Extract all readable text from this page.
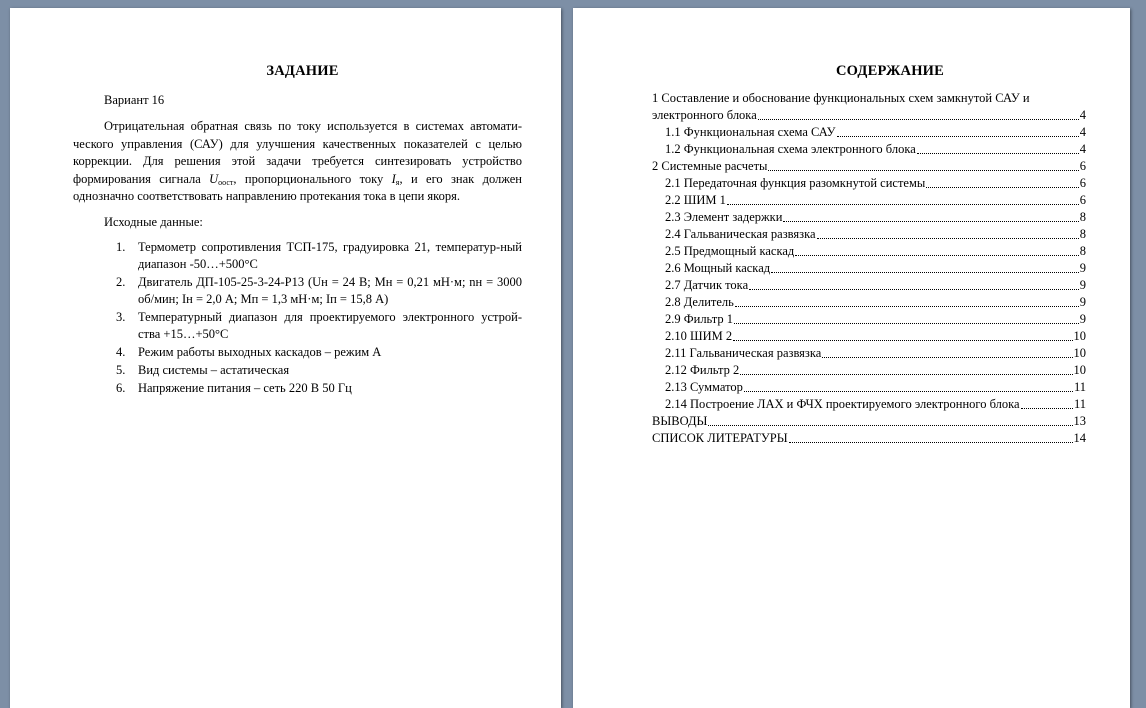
ЗАДАНИЕ
Вариант 16
Отрицательная обратная связь по току используется в системах автомати-ческого управления (САУ) для улучшения качественных показателей с целью коррекции. Для решения этой задачи требуется синтезировать устройство формирования сигнала $U_{оост}$, пропорционального току $I_я$, и его знак должен однозначно соответствовать направлению протекания тока в цепи якоря.
Исходные данные:
1. Термометр сопротивления ТСП-175, градуировка 21, температур-ный диапазон -50…+500°С
2. Двигатель ДП-105-25-3-24-Р13 (Uн = 24 В; Мн = 0,21 мН·м; nн = 3000 об/мин; Iн = 2,0 А; Мп = 1,3 мН·м; Iп = 15,8 А)
3. Температурный диапазон для проектируемого электронного устрой-ства +15…+50°С
4. Режим работы выходных каскадов – режим А
5. Вид системы – астатическая
6. Напряжение питания – сеть 220 В 50 Гц
СОДЕРЖАНИЕ
1 Составление и обоснование функциональных схем замкнутой САУ и
электронного блока	4
1.1 Функциональная схема САУ	4
1.2 Функциональная схема электронного блока	4
2 Системные расчеты	6
2.1 Передаточная функция разомкнутой системы	6
2.2 ШИМ 1	6
2.3 Элемент задержки	8
2.4 Гальваническая развязка	8
2.5 Предмощный каскад	8
2.6 Мощный каскад	9
2.7 Датчик тока	9
2.8 Делитель	9
2.9 Фильтр 1	9
2.10 ШИМ 2	10
2.11 Гальваническая развязка	10
2.12 Фильтр 2	10
2.13 Сумматор	11
2.14 Построение ЛАХ и ФЧХ проектируемого электронного блока	11
ВЫВОДЫ	13
СПИСОК ЛИТЕРАТУРЫ	14
